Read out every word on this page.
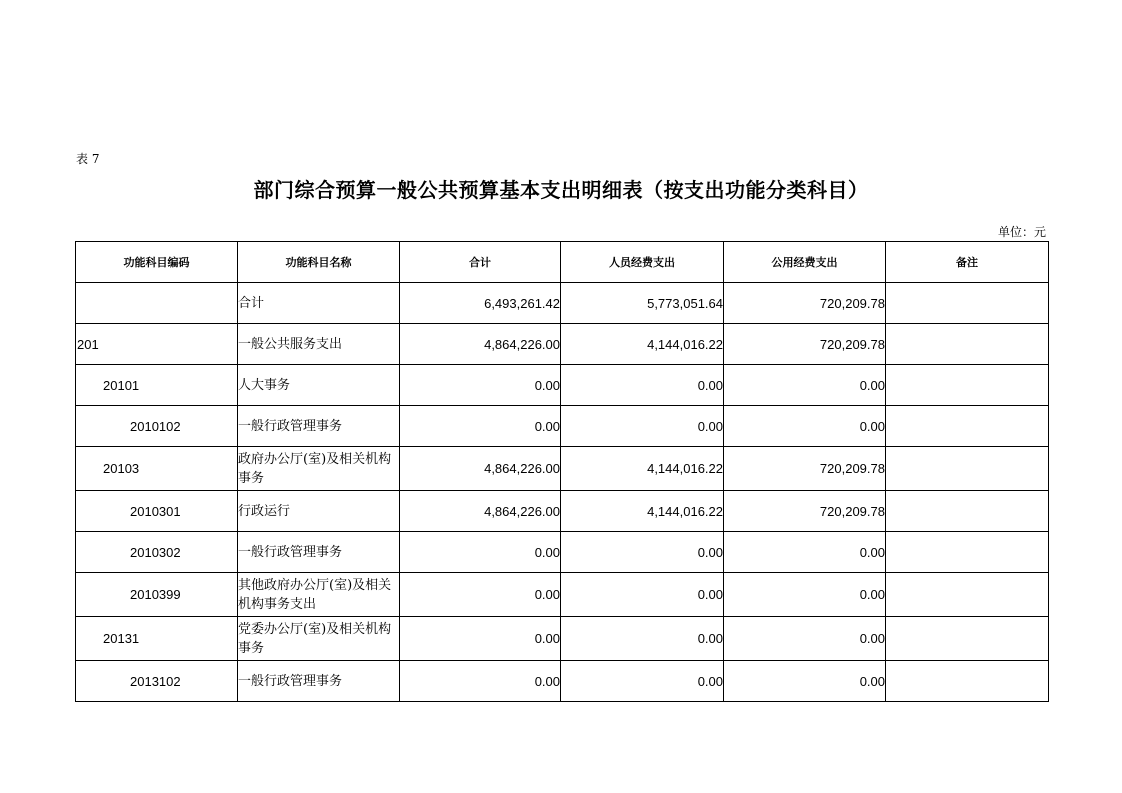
表 7
部门综合预算一般公共预算基本支出明细表（按支出功能分类科目）
单位：元
功能科目编码	功能科目名称	合计	人员经费支出	公用经费支出	备注
	合计	6,493,261.42	5,773,051.64	720,209.78	
201	一般公共服务支出	4,864,226.00	4,144,016.22	720,209.78	
20101	人大事务	0.00	0.00	0.00	
2010102	一般行政管理事务	0.00	0.00	0.00	
20103	政府办公厅(室)及相关机构事务	4,864,226.00	4,144,016.22	720,209.78	
2010301	行政运行	4,864,226.00	4,144,016.22	720,209.78	
2010302	一般行政管理事务	0.00	0.00	0.00	
2010399	其他政府办公厅(室)及相关机构事务支出	0.00	0.00	0.00	
20131	党委办公厅(室)及相关机构事务	0.00	0.00	0.00	
2013102	一般行政管理事务	0.00	0.00	0.00	
